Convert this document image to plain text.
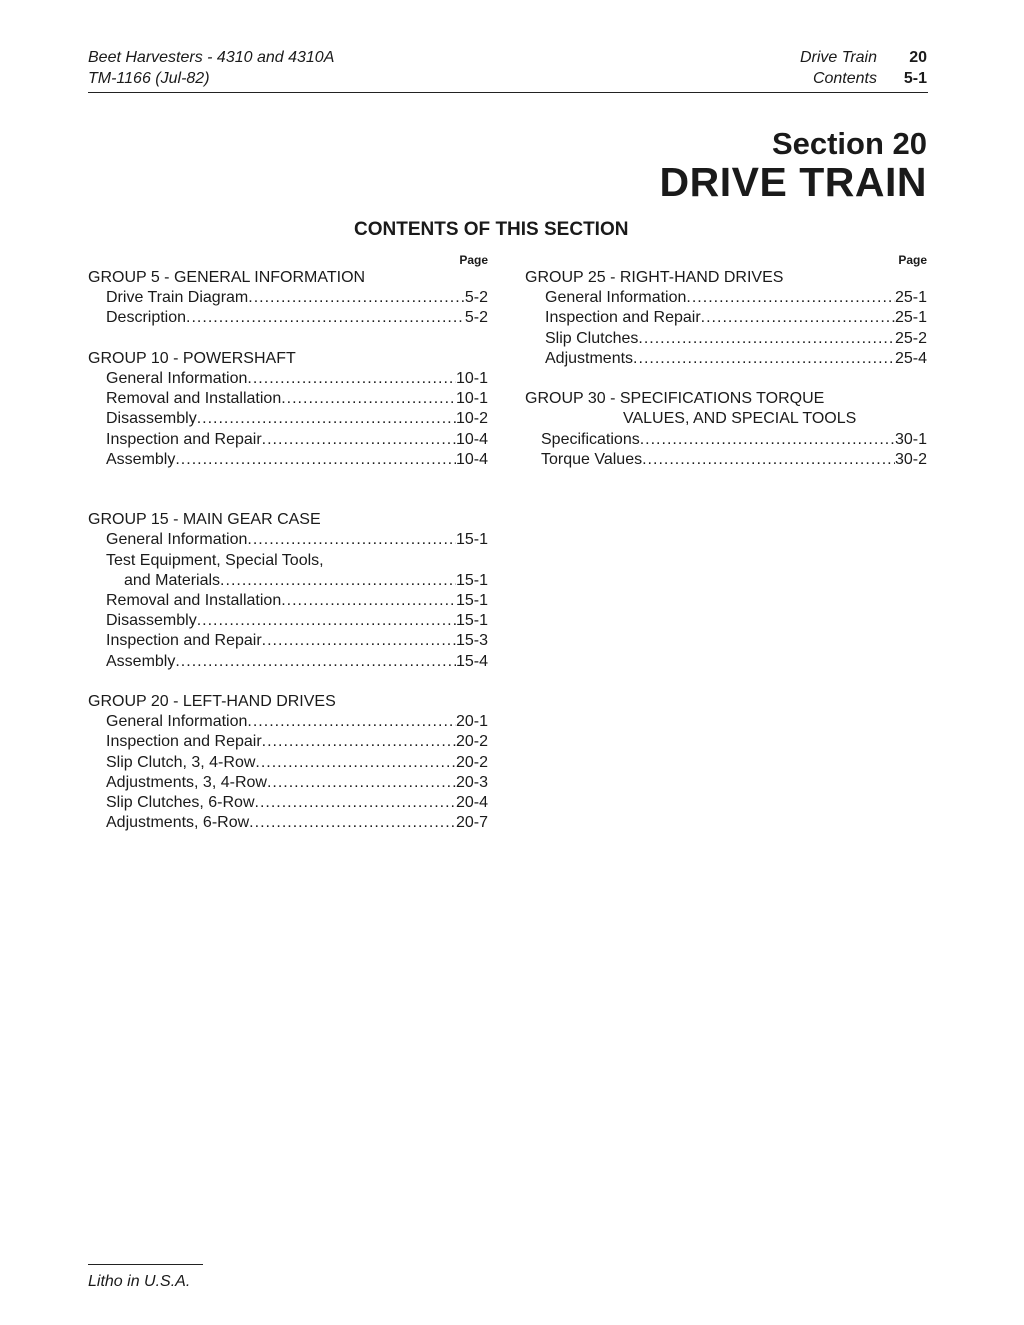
Beet Harvesters - 4310 and 4310A
TM-1166 (Jul-82)
Drive Train	20
Contents	5-1
Section 20
DRIVE TRAIN
CONTENTS OF THIS SECTION
Page
GROUP 5 - GENERAL INFORMATION
Drive Train Diagram .....	5-2
Description .....	5-2
GROUP 10 - POWERSHAFT
General Information .....	10-1
Removal and Installation .....	10-1
Disassembly .....	10-2
Inspection and Repair .....	10-4
Assembly .....	10-4
GROUP 15 - MAIN GEAR CASE
General Information .....	15-1
Test Equipment, Special Tools,
and Materials .....	15-1
Removal and Installation .....	15-1
Disassembly .....	15-1
Inspection and Repair .....	15-3
Assembly .....	15-4
GROUP 20 - LEFT-HAND DRIVES
General Information .....	20-1
Inspection and Repair .....	20-2
Slip Clutch, 3, 4-Row .....	20-2
Adjustments, 3, 4-Row .....	20-3
Slip Clutches, 6-Row .....	20-4
Adjustments, 6-Row .....	20-7
Page
GROUP 25 - RIGHT-HAND DRIVES
General Information .....	25-1
Inspection and Repair .....	25-1
Slip Clutches .....	25-2
Adjustments .....	25-4
GROUP 30 - SPECIFICATIONS TORQUE
VALUES, AND SPECIAL TOOLS
Specifications .....	30-1
Torque Values .....	30-2
Litho in U.S.A.
